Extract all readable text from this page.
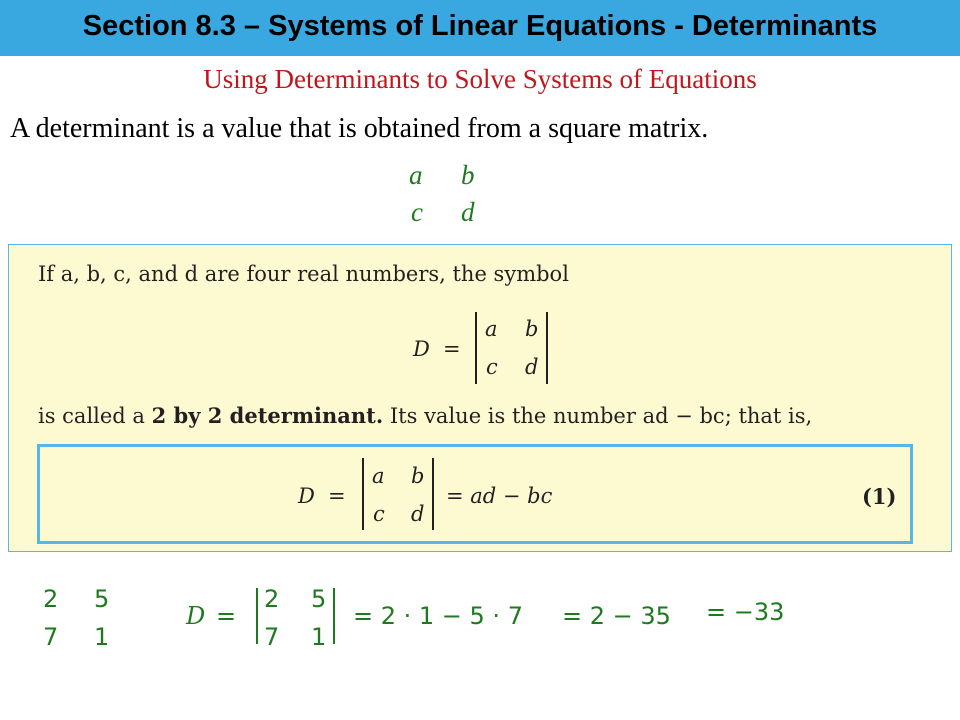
Section 8.3 – Systems of Linear Equations - Determinants
Using Determinants to Solve Systems of Equations
A determinant is a value that is obtained from a square matrix.
a b
c d
If a, b, c, and d are four real numbers, the symbol
D =
a b
c d
is called a 2 by 2 determinant. Its value is the number ad − bc; that is,
D =
a b
c d
= ad − bc	(1)
2 5
7 1
D =
2 5
7 1
= 2 · 1 − 5 · 7 = 2 − 35 = −33
